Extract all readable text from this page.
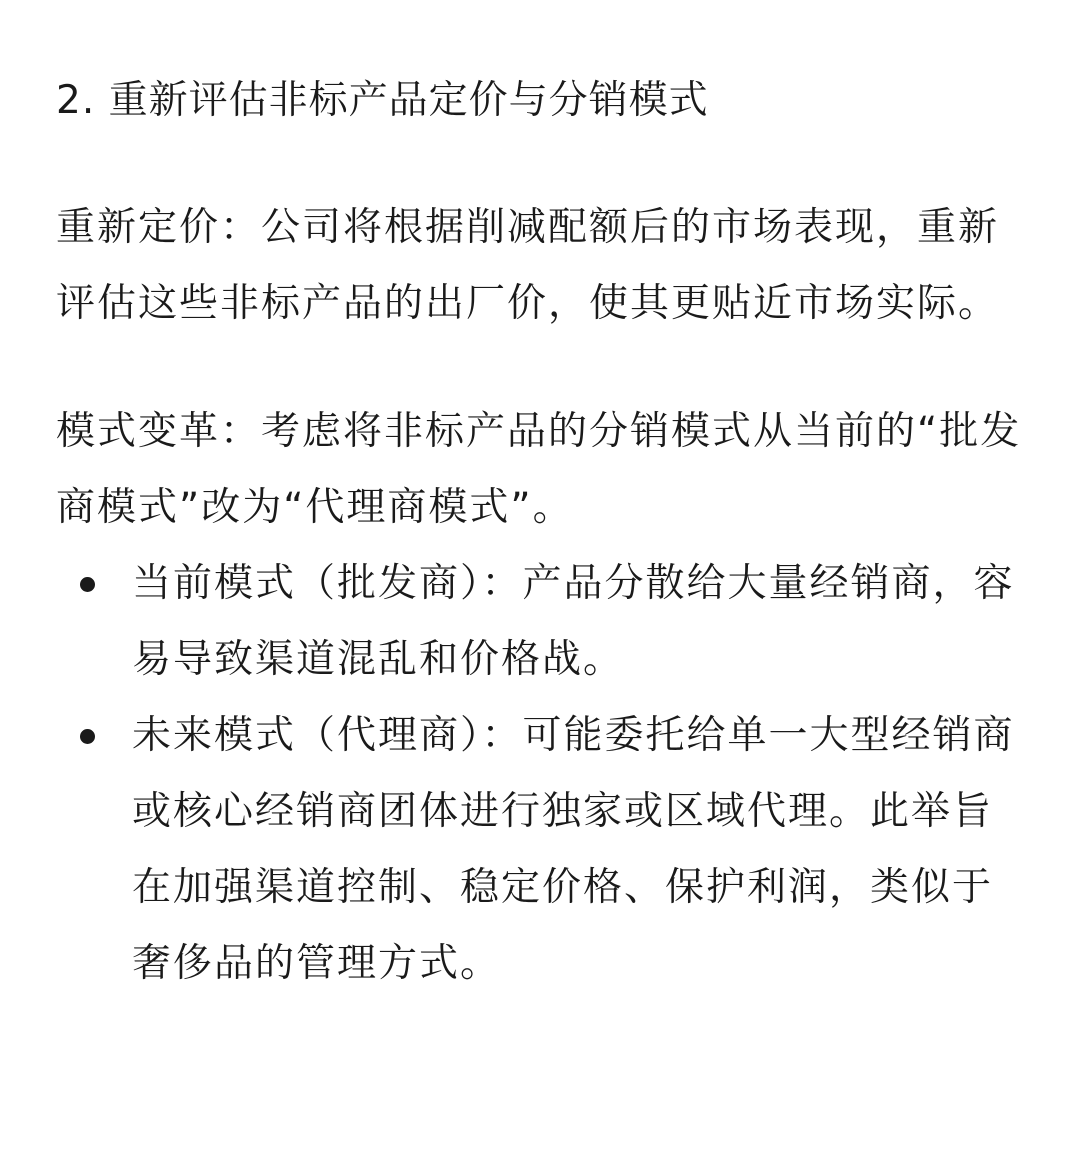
2. 重新评估非标产品定价与分销模式

重新定价：公司将根据削减配额后的市场表现，重新评估这些非标产品的出厂价，使其更贴近市场实际。

模式变革：考虑将非标产品的分销模式从当前的“批发商模式”改为“代理商模式”。

当前模式（批发商）：产品分散给大量经销商，容易导致渠道混乱和价格战。
未来模式（代理商）：可能委托给单一大型经销商或核心经销商团体进行独家或区域代理。此举旨在加强渠道控制、稳定价格、保护利润，类似于奢侈品的管理方式。
